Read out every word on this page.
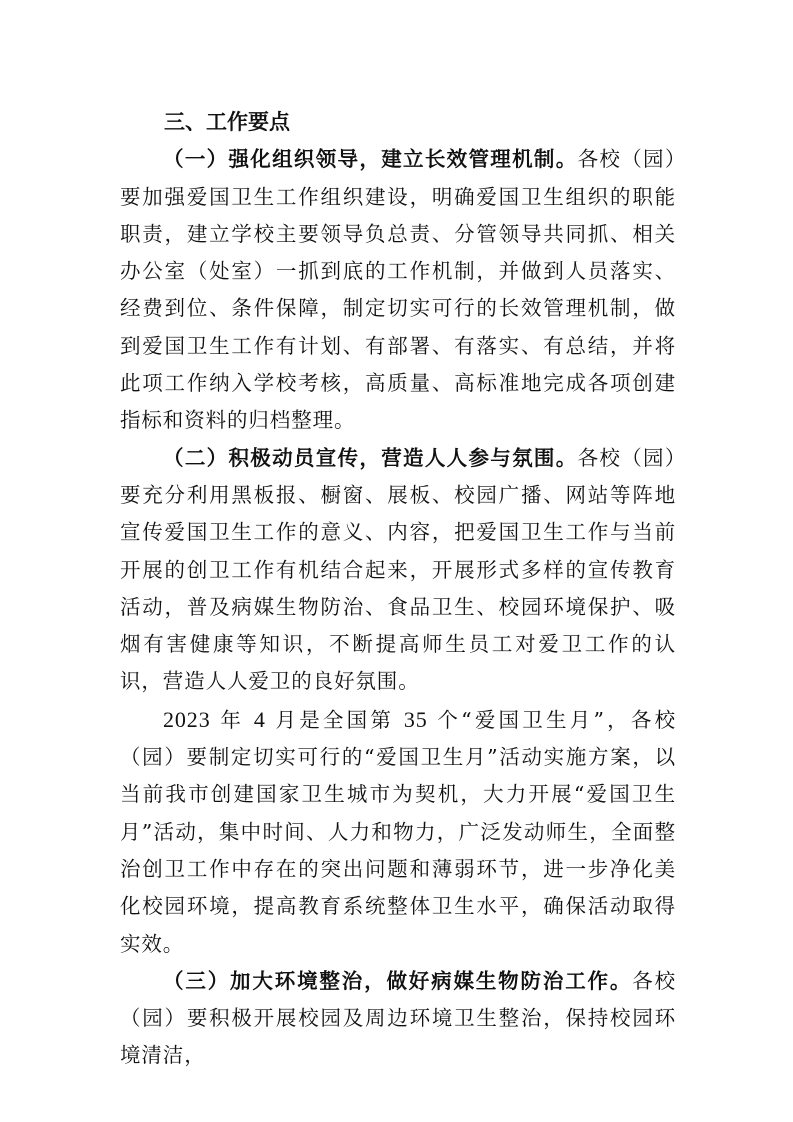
三、工作要点

（一）强化组织领导，建立长效管理机制。各校（园）要加强爱国卫生工作组织建设，明确爱国卫生组织的职能职责，建立学校主要领导负总责、分管领导共同抓、相关办公室（处室）一抓到底的工作机制，并做到人员落实、经费到位、条件保障，制定切实可行的长效管理机制，做到爱国卫生工作有计划、有部署、有落实、有总结，并将此项工作纳入学校考核，高质量、高标准地完成各项创建指标和资料的归档整理。

（二）积极动员宣传，营造人人参与氛围。各校（园）要充分利用黑板报、橱窗、展板、校园广播、网站等阵地宣传爱国卫生工作的意义、内容，把爱国卫生工作与当前开展的创卫工作有机结合起来，开展形式多样的宣传教育活动，普及病媒生物防治、食品卫生、校园环境保护、吸烟有害健康等知识，不断提高师生员工对爱卫工作的认识，营造人人爱卫的良好氛围。

2023 年 4 月是全国第 35 个“爱国卫生月”，各校（园）要制定切实可行的“爱国卫生月”活动实施方案，以当前我市创建国家卫生城市为契机，大力开展“爱国卫生月”活动，集中时间、人力和物力，广泛发动师生，全面整治创卫工作中存在的突出问题和薄弱环节，进一步净化美化校园环境，提高教育系统整体卫生水平，确保活动取得实效。

（三）加大环境整治，做好病媒生物防治工作。各校（园）要积极开展校园及周边环境卫生整治，保持校园环境清洁，
